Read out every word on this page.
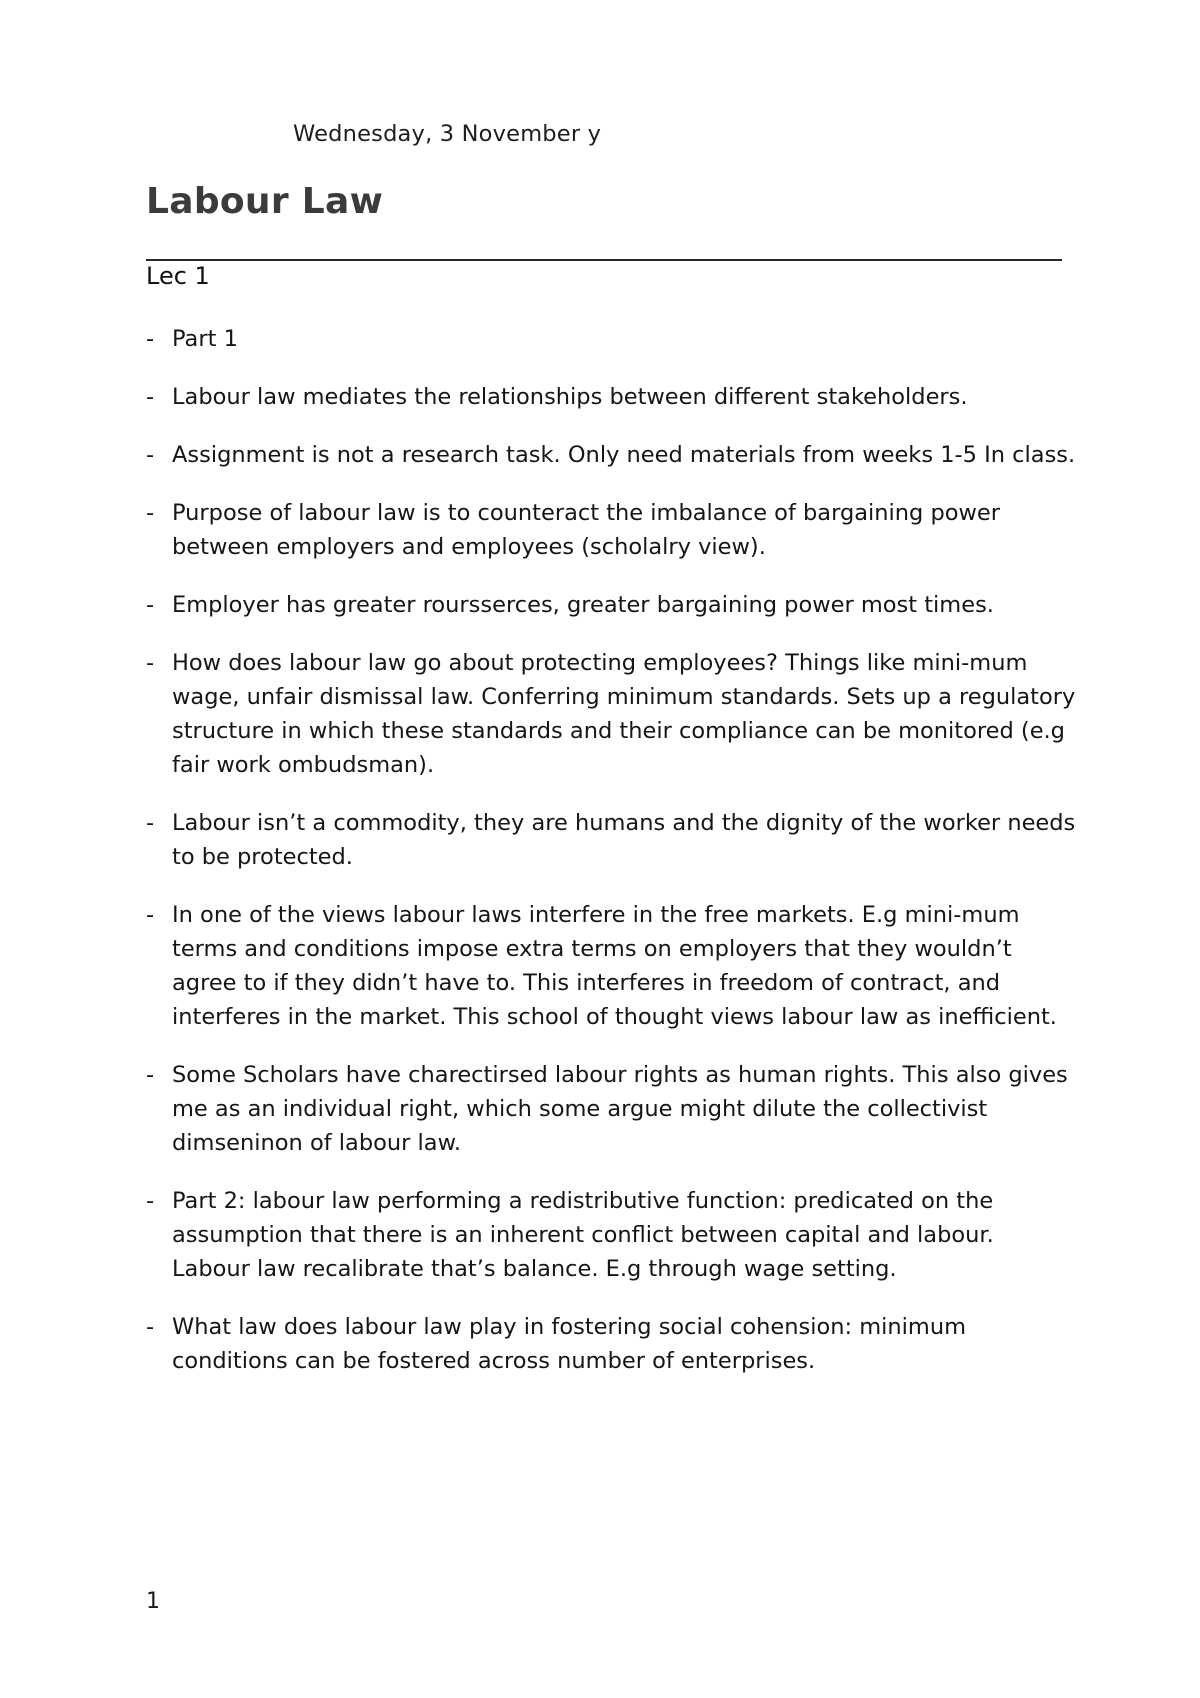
Wednesday, 3 November y
Labour Law
Lec 1
- Part 1
- Labour law mediates the relationships between different stakeholders.
- Assignment is not a research task. Only need materials from weeks 1-5 In class.
- Purpose of labour law is to counteract the imbalance of bargaining power between employers and employees (scholalry view).
- Employer has greater roursserces, greater bargaining power most times.
- How does labour law go about protecting employees? Things like mini-mum wage, unfair dismissal law. Conferring minimum standards. Sets up a regulatory structure in which these standards and their compliance can be monitored (e.g fair work ombudsman).
- Labour isn’t a commodity, they are humans and the dignity of the worker needs to be protected.
- In one of the views labour laws interfere in the free markets. E.g mini-mum terms and conditions impose extra terms on employers that they wouldn’t agree to if they didn’t have to. This interferes in freedom of contract, and interferes in the market. This school of thought views labour law as inefficient.
- Some Scholars have charectirsed labour rights as human rights. This also gives me as an individual right, which some argue might dilute the collectivist dimseninon of labour law.
- Part 2: labour law performing a redistributive function: predicated on the assumption that there is an inherent conflict between capital and labour. Labour law recalibrate that’s balance. E.g through wage setting.
- What law does labour law play in fostering social cohension: minimum conditions can be fostered across number of enterprises.
1
